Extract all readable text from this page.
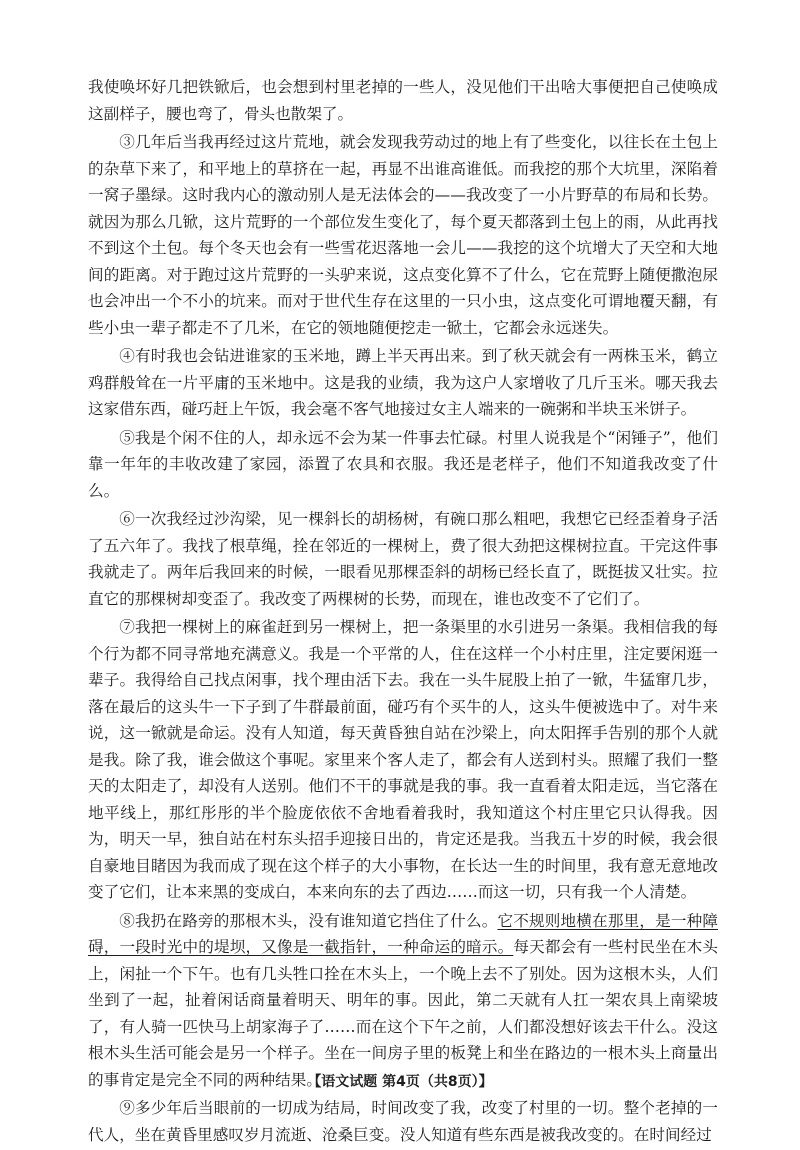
我使唤坏好几把铁锨后，也会想到村里老掉的一些人，没见他们干出啥大事便把自己使唤成这副样子，腰也弯了，骨头也散架了。

③几年后当我再经过这片荒地，就会发现我劳动过的地上有了些变化，以往长在土包上的杂草下来了，和平地上的草挤在一起，再显不出谁高谁低。而我挖的那个大坑里，深陷着一窝子墨绿。这时我内心的激动别人是无法体会的——我改变了一小片野草的布局和长势。就因为那么几锨，这片荒野的一个部位发生变化了，每个夏天都落到土包上的雨，从此再找不到这个土包。每个冬天也会有一些雪花迟落地一会儿——我挖的这个坑增大了天空和大地间的距离。对于跑过这片荒野的一头驴来说，这点变化算不了什么，它在荒野上随便撒泡尿也会冲出一个不小的坑来。而对于世代生存在这里的一只小虫，这点变化可谓地覆天翻，有些小虫一辈子都走不了几米，在它的领地随便挖走一锨土，它都会永远迷失。

④有时我也会钻进谁家的玉米地，蹲上半天再出来。到了秋天就会有一两株玉米，鹤立鸡群般耸在一片平庸的玉米地中。这是我的业绩，我为这户人家增收了几斤玉米。哪天我去这家借东西，碰巧赶上午饭，我会毫不客气地接过女主人端来的一碗粥和半块玉米饼子。

⑤我是个闲不住的人，却永远不会为某一件事去忙碌。村里人说我是个“闲锤子”，他们靠一年年的丰收改建了家园，添置了农具和衣服。我还是老样子，他们不知道我改变了什么。

⑥一次我经过沙沟梁，见一棵斜长的胡杨树，有碗口那么粗吧，我想它已经歪着身子活了五六年了。我找了根草绳，拴在邻近的一棵树上，费了很大劲把这棵树拉直。干完这件事我就走了。两年后我回来的时候，一眼看见那棵歪斜的胡杨已经长直了，既挺拔又壮实。拉直它的那棵树却变歪了。我改变了两棵树的长势，而现在，谁也改变不了它们了。

⑦我把一棵树上的麻雀赶到另一棵树上，把一条渠里的水引进另一条渠。我相信我的每个行为都不同寻常地充满意义。我是一个平常的人，住在这样一个小村庄里，注定要闲逛一辈子。我得给自己找点闲事，找个理由活下去。我在一头牛屁股上拍了一锨，牛猛窜几步，落在最后的这头牛一下子到了牛群最前面，碰巧有个买牛的人，这头牛便被选中了。对牛来说，这一锨就是命运。没有人知道，每天黄昏独自站在沙梁上，向太阳挥手告别的那个人就是我。除了我，谁会做这个事呢。家里来个客人走了，都会有人送到村头。照耀了我们一整天的太阳走了，却没有人送别。他们不干的事就是我的事。我一直看着太阳走远，当它落在地平线上，那红彤彤的半个脸庞依依不舍地看着我时，我知道这个村庄里它只认得我。因为，明天一早，独自站在村东头招手迎接日出的，肯定还是我。当我五十岁的时候，我会很自豪地目睹因为我而成了现在这个样子的大小事物，在长达一生的时间里，我有意无意地改变了它们，让本来黑的变成白，本来向东的去了西边……而这一切，只有我一个人清楚。

⑧我扔在路旁的那根木头，没有谁知道它挡住了什么。它不规则地横在那里，是一种障碍，一段时光中的堤坝，又像是一截指针，一种命运的暗示。每天都会有一些村民坐在木头上，闲扯一个下午。也有几头牲口拴在木头上，一个晚上去不了别处。因为这根木头，人们坐到了一起，扯着闲话商量着明天、明年的事。因此，第二天就有人扛一架农具上南梁坡了，有人骑一匹快马上胡家海子了……而在这个下午之前，人们都没想好该去干什么。没这根木头生活可能会是另一个样子。坐在一间房子里的板凳上和坐在路边的一根木头上商量出的事肯定是完全不同的两种结果。

⑨多少年后当眼前的一切成为结局，时间改变了我，改变了村里的一切。整个老掉的一代人，坐在黄昏里感叹岁月流逝、沧桑巨变。没人知道有些东西是被我改变的。在时间经过

【语文试题 第4页（共8页）】
